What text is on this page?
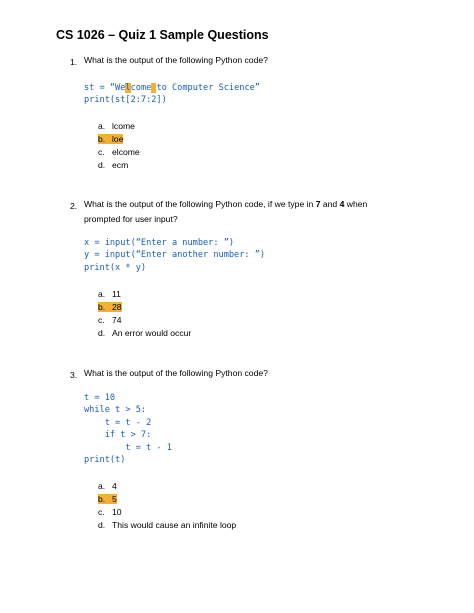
CS 1026 – Quiz 1 Sample Questions
1. What is the output of the following Python code?
st = “Welcome to Computer Science”
print(st[2:7:2])
a. lcome
b. loe
c. elcome
d. ecm
2. What is the output of the following Python code, if we type in 7 and 4 when prompted for user input?
x = input(“Enter a number: ”)
y = input(“Enter another number: ”)
print(x * y)
a. 11
b. 28
c. 74
d. An error would occur
3. What is the output of the following Python code?
t = 10
while t > 5:
t = t - 2
if t > 7:
t = t - 1
print(t)
a. 4
b. 5
c. 10
d. This would cause an infinite loop
